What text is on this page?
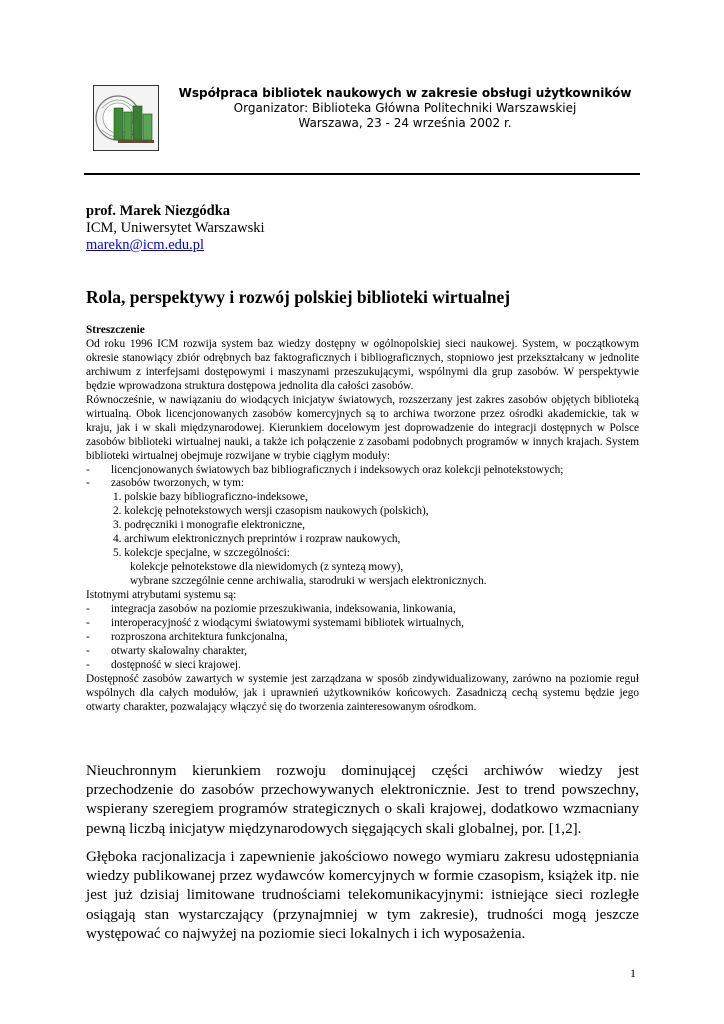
Współpraca bibliotek naukowych w zakresie obsługi użytkowników
Organizator: Biblioteka Główna Politechniki Warszawskiej
Warszawa, 23 - 24 września 2002 r.
prof. Marek Niezgódka
ICM, Uniwersytet Warszawski
marekn@icm.edu.pl
Rola, perspektywy i rozwój polskiej biblioteki wirtualnej
Streszczenie

Od roku 1996 ICM rozwija system baz wiedzy dostępny w ogólnopolskiej sieci naukowej. System, w początkowym okresie stanowiący zbiór odrębnych baz faktograficznych i bibliograficznych, stopniowo jest przekształcany w jednolite archiwum z interfejsami dostępowymi i maszynami przeszukującymi, wspólnymi dla grup zasobów. W perspektywie będzie wprowadzona struktura dostępowa jednolita dla całości zasobów.

Równocześnie, w nawiązaniu do wiodących inicjatyw światowych, rozszerzany jest zakres zasobów objętych biblioteką wirtualną. Obok licencjonowanych zasobów komercyjnych są to archiwa tworzone przez ośrodki akademickie, tak w kraju, jak i w skali międzynarodowej. Kierunkiem docelowym jest doprowadzenie do integracji dostępnych w Polsce zasobów biblioteki wirtualnej nauki, a także ich połączenie z zasobami podobnych programów w innych krajach. System biblioteki wirtualnej obejmuje rozwijane w trybie ciągłym moduły:

- licencjonowanych światowych baz bibliograficznych i indeksowych oraz kolekcji pełnotekstowych;
- zasobów tworzonych, w tym:
1. polskie bazy bibliograficzno-indeksowe,
2. kolekcję pełnotekstowych wersji czasopism naukowych (polskich),
3. podręczniki i monografie elektroniczne,
4. archiwum elektronicznych preprintów i rozpraw naukowych,
5. kolekcje specjalne, w szczególności:
kolekcje pełnotekstowe dla niewidomych (z syntezą mowy),
wybrane szczególnie cenne archiwalia, starodruki w wersjach elektronicznych.
Istotnymi atrybutami systemu są:
- integracja zasobów na poziomie przeszukiwania, indeksowania, linkowania,
- interoperacyjność z wiodącymi światowymi systemami bibliotek wirtualnych,
- rozproszona architektura funkcjonalna,
- otwarty skalowalny charakter,
- dostępność w sieci krajowej.

Dostępność zasobów zawartych w systemie jest zarządzana w sposób zindywidualizowany, zarówno na poziomie reguł wspólnych dla całych modułów, jak i uprawnień użytkowników końcowych. Zasadniczą cechą systemu będzie jego otwarty charakter, pozwalający włączyć się do tworzenia zainteresowanym ośrodkom.

Nieuchronnym kierunkiem rozwoju dominującej części archiwów wiedzy jest przechodzenie do zasobów przechowywanych elektronicznie. Jest to trend powszechny, wspierany szeregiem programów strategicznych o skali krajowej, dodatkowo wzmacniany pewną liczbą inicjatyw międzynarodowych sięgających skali globalnej, por. [1,2].

Głęboka racjonalizacja i zapewnienie jakościowo nowego wymiaru zakresu udostępniania wiedzy publikowanej przez wydawców komercyjnych w formie czasopism, książek itp. nie jest już dzisiaj limitowane trudnościami telekomunikacyjnymi: istniejące sieci rozległe osiągają stan wystarczający (przynajmniej w tym zakresie), trudności mogą jeszcze występować co najwyżej na poziomie sieci lokalnych i ich wyposażenia.

1
